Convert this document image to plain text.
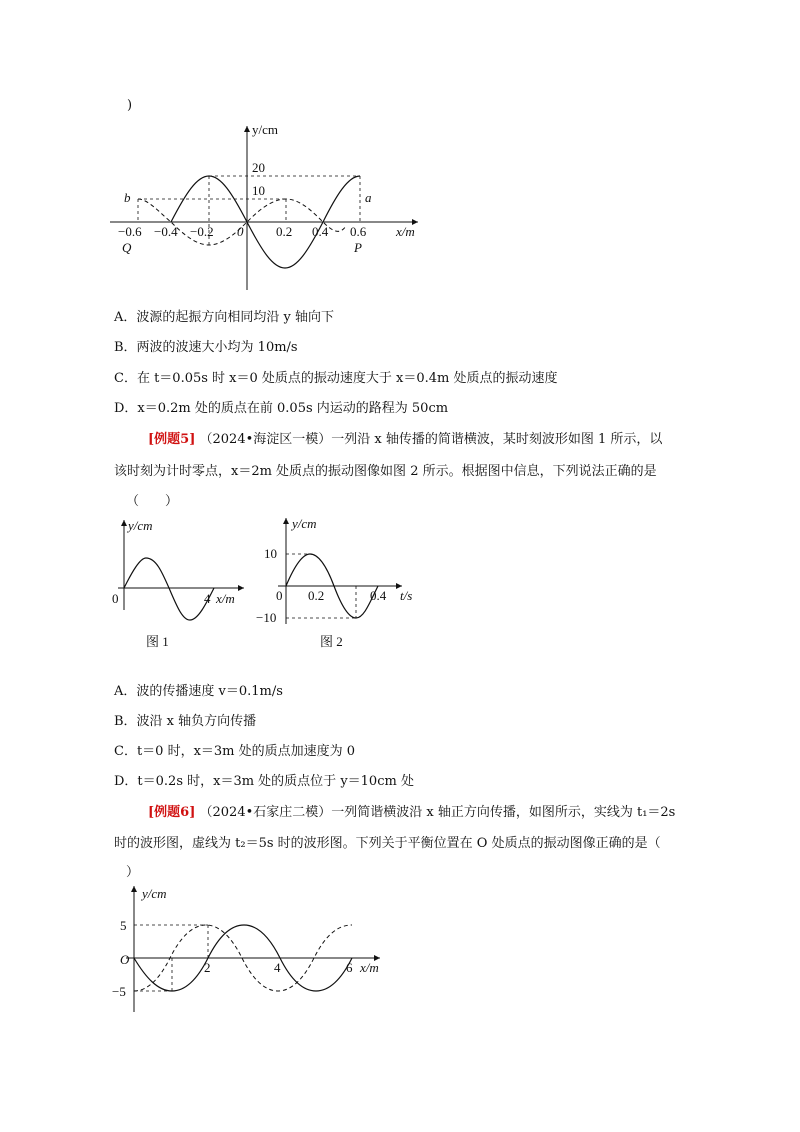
)
y/cm
20
10
x/m
−0.6 −0.4 −0.2 0	0.2 0.4 0.6
b	a
Q	P
A．波源的起振方向相同均沿 y 轴向下
B．两波的波速大小均为 10m/s
C．在 t＝0.05s 时 x＝0 处质点的振动速度大于 x＝0.4m 处质点的振动速度
D．x＝0.2m 处的质点在前 0.05s 内运动的路程为 50cm
[例题5] （2024•海淀区一模）一列沿 x 轴传播的简谐横波，某时刻波形如图 1 所示，以
该时刻为计时零点，x＝2m 处质点的振动图像如图 2 所示。根据图中信息，下列说法正确的是
（　　）
y/cm
0	4 x/m
图 1
y/cm
10
−10
0 0.2	0.4 t/s
图 2
A．波的传播速度 v＝0.1m/s
B．波沿 x 轴负方向传播
C．t＝0 时，x＝3m 处的质点加速度为 0
D．t＝0.2s 时，x＝3m 处的质点位于 y＝10cm 处
[例题6] （2024•石家庄二模）一列简谐横波沿 x 轴正方向传播，如图所示，实线为 t₁＝2s
时的波形图，虚线为 t₂＝5s 时的波形图。下列关于平衡位置在 O 处质点的振动图像正确的是（
）
y/cm
5
−5
O
2	4	6 x/m
